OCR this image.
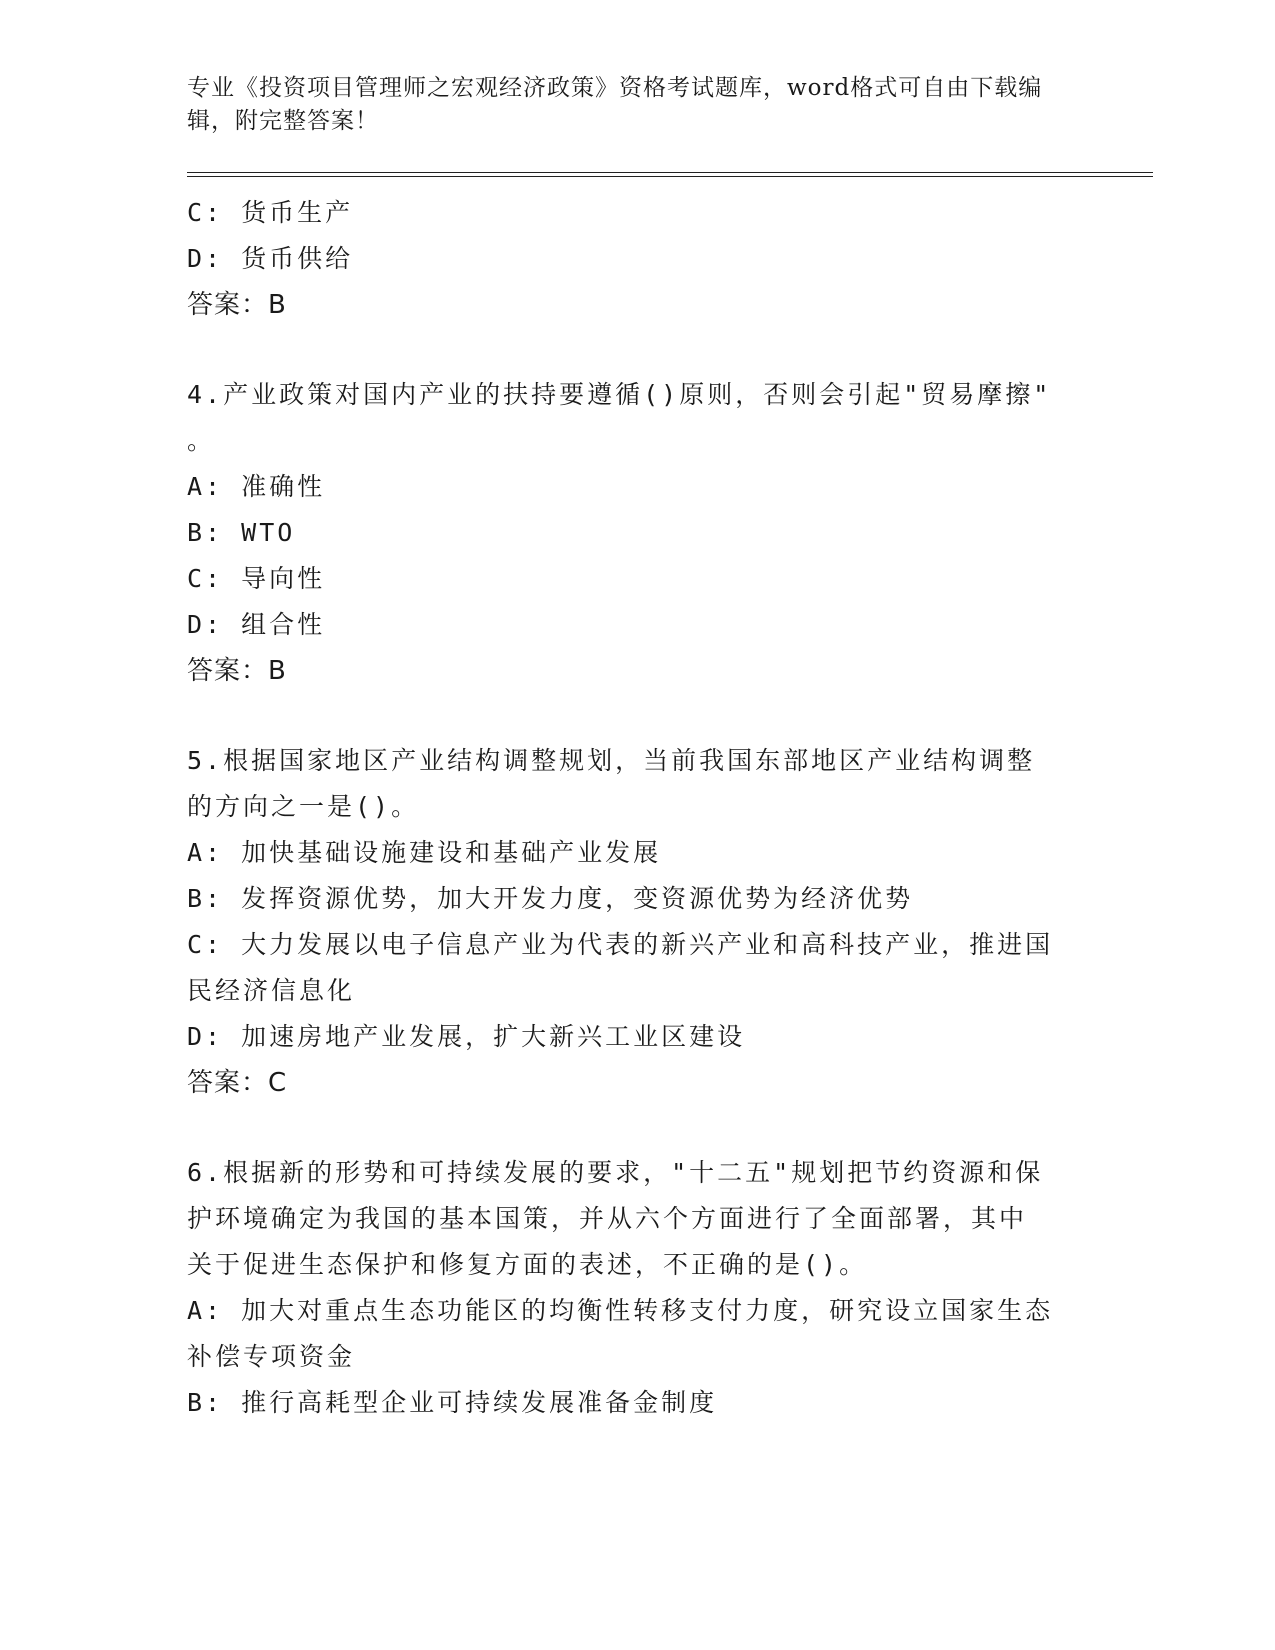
专业《投资项目管理师之宏观经济政策》资格考试题库，word格式可自由下载编
辑，附完整答案！
C: 货币生产
D: 货币供给
答案：B
4.产业政策对国内产业的扶持要遵循()原则，否则会引起"贸易摩擦"
。
A: 准确性
B: WTO
C: 导向性
D: 组合性
答案：B
5.根据国家地区产业结构调整规划，当前我国东部地区产业结构调整
的方向之一是()。
A: 加快基础设施建设和基础产业发展
B: 发挥资源优势，加大开发力度，变资源优势为经济优势
C: 大力发展以电子信息产业为代表的新兴产业和高科技产业，推进国
民经济信息化
D: 加速房地产业发展，扩大新兴工业区建设
答案：C
6.根据新的形势和可持续发展的要求，"十二五"规划把节约资源和保
护环境确定为我国的基本国策，并从六个方面进行了全面部署，其中
关于促进生态保护和修复方面的表述，不正确的是()。
A: 加大对重点生态功能区的均衡性转移支付力度，研究设立国家生态
补偿专项资金
B: 推行高耗型企业可持续发展准备金制度
